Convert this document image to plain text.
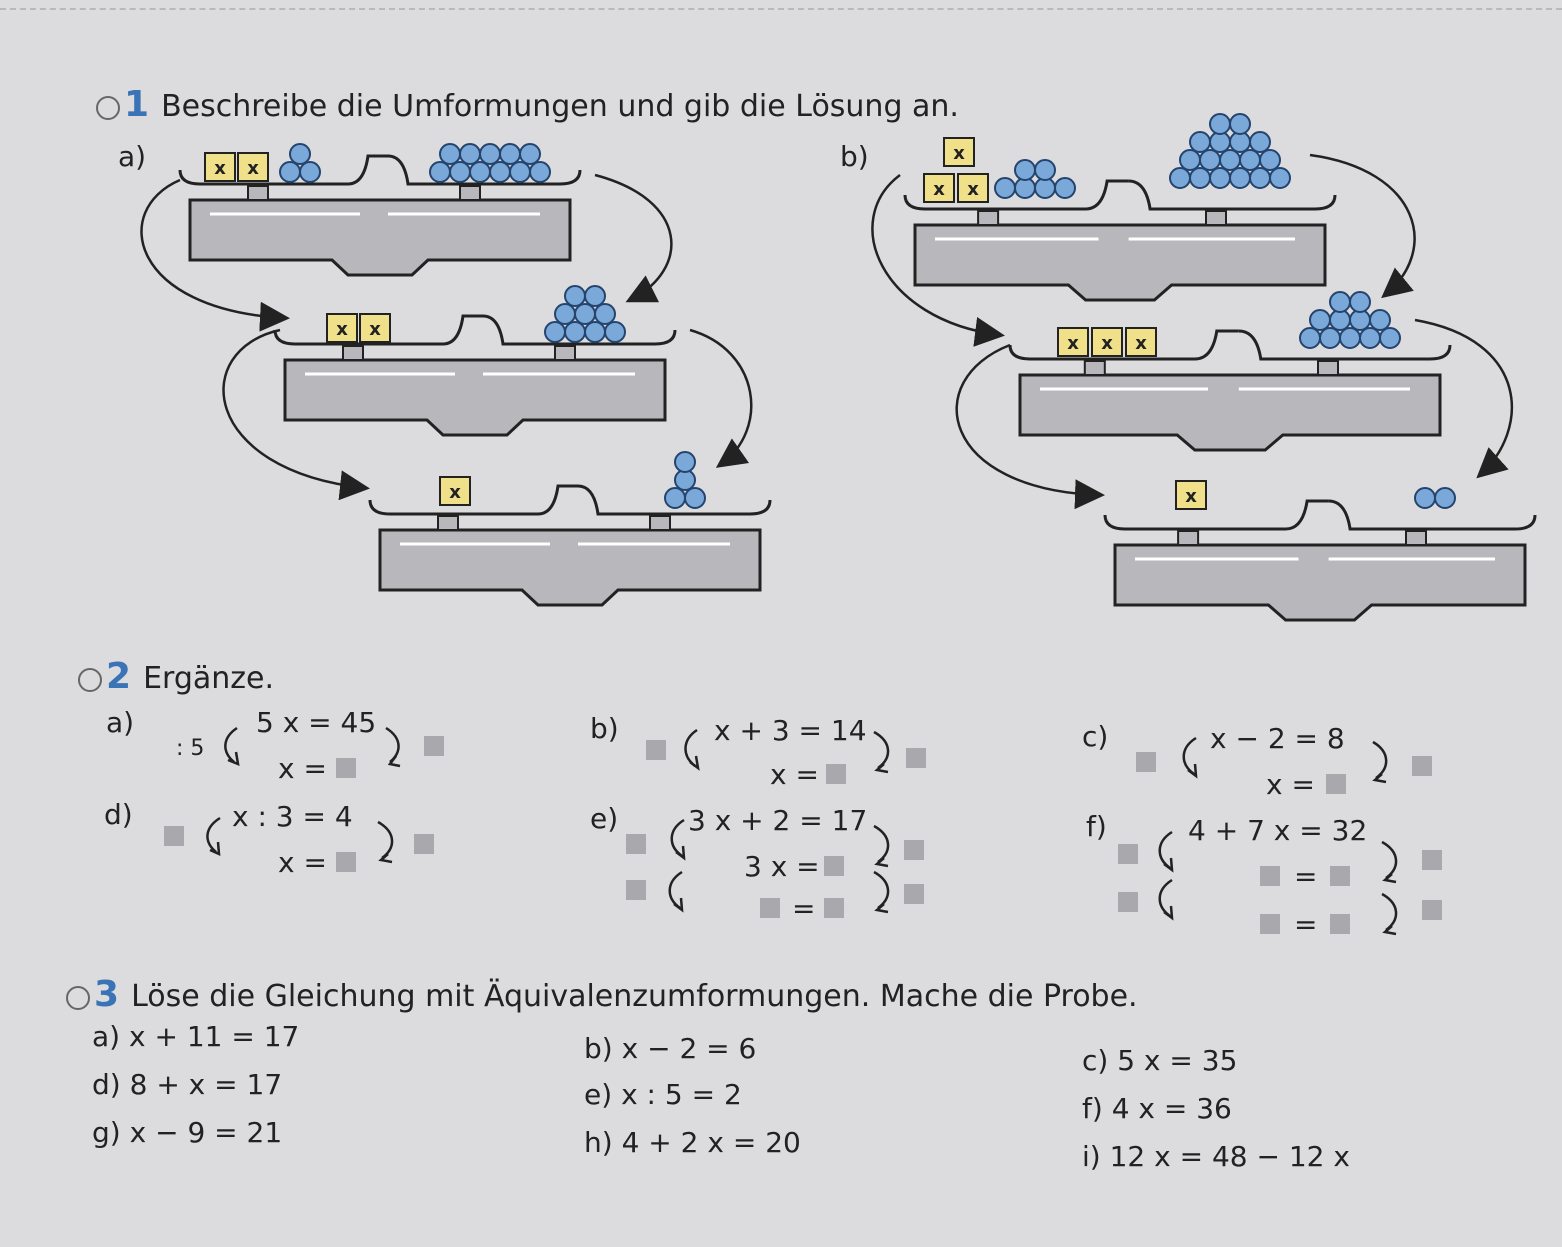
1 Beschreibe die Umformungen und gib die Lösung an.
a)	b)
x x
x x
x
x
x x
x x x
x
2 Ergänze.
a)
: 5
5 x = 45
x =
b)	x + 3 = 14
x =
c)	x − 2 = 8
x =
d)	x : 3 = 4
x =
e) 3 x + 2 = 17
3 x =
=
f)	4 + 7 x = 32
=
=
3 Löse die Gleichung mit Äquivalenzumformungen. Mache die Probe.
a) x + 11 = 17	b) x − 2 = 6	c) 5 x = 35
d) 8 + x = 17	e) x : 5 = 2	f) 4 x = 36
g) x − 9 = 21	h) 4 + 2 x = 20	i) 12 x = 48 − 12 x
